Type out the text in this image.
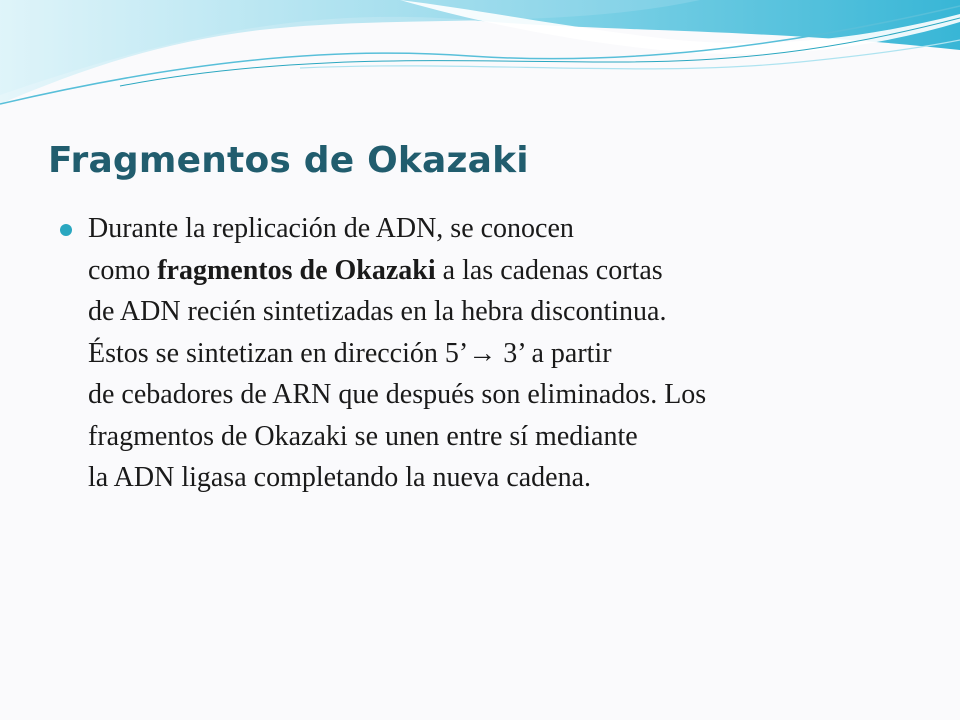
Fragmentos de Okazaki
Durante la replicación de ADN, se conocen
como fragmentos de Okazaki a las cadenas cortas
de ADN recién sintetizadas en la hebra discontinua.
Éstos se sintetizan en dirección 5’→ 3’ a partir
de cebadores de ARN que después son eliminados. Los
fragmentos de Okazaki se unen entre sí mediante
la ADN ligasa completando la nueva cadena.
